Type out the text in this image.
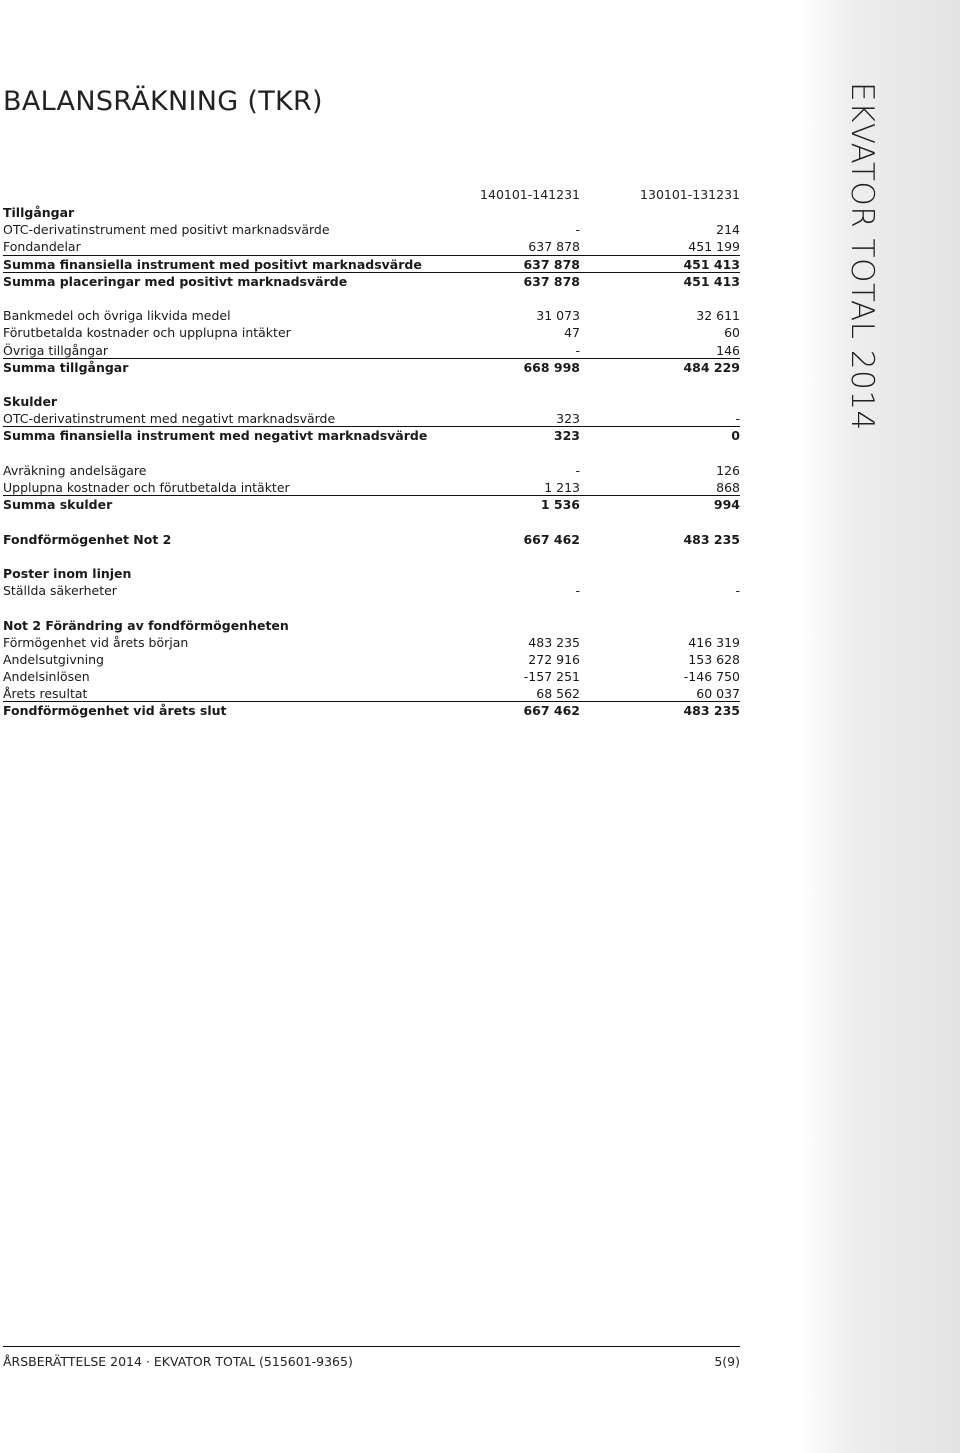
EKVATOR TOTAL 2014
BALANSRÄKNING (TKR)
140101-141231	130101-131231
Tillgångar
OTC-derivatinstrument med positivt marknadsvärde	-	214
Fondandelar	637 878	451 199
Summa finansiella instrument med positivt marknadsvärde	637 878	451 413
Summa placeringar med positivt marknadsvärde	637 878	451 413
Bankmedel och övriga likvida medel	31 073	32 611
Förutbetalda kostnader och upplupna intäkter	47	60
Övriga tillgångar	-	146
Summa tillgångar	668 998	484 229
Skulder
OTC-derivatinstrument med negativt marknadsvärde	323	-
Summa finansiella instrument med negativt marknadsvärde	323	0
Avräkning andelsägare	-	126
Upplupna kostnader och förutbetalda intäkter	1 213	868
Summa skulder	1 536	994
Fondförmögenhet Not 2	667 462	483 235
Poster inom linjen
Ställda säkerheter	-	-
Not 2 Förändring av fondförmögenheten
Förmögenhet vid årets början	483 235	416 319
Andelsutgivning	272 916	153 628
Andelsinlösen	-157 251	-146 750
Årets resultat	68 562	60 037
Fondförmögenhet vid årets slut	667 462	483 235
ÅRSBERÄTTELSE 2014 · EKVATOR TOTAL (515601-9365)	5(9)
